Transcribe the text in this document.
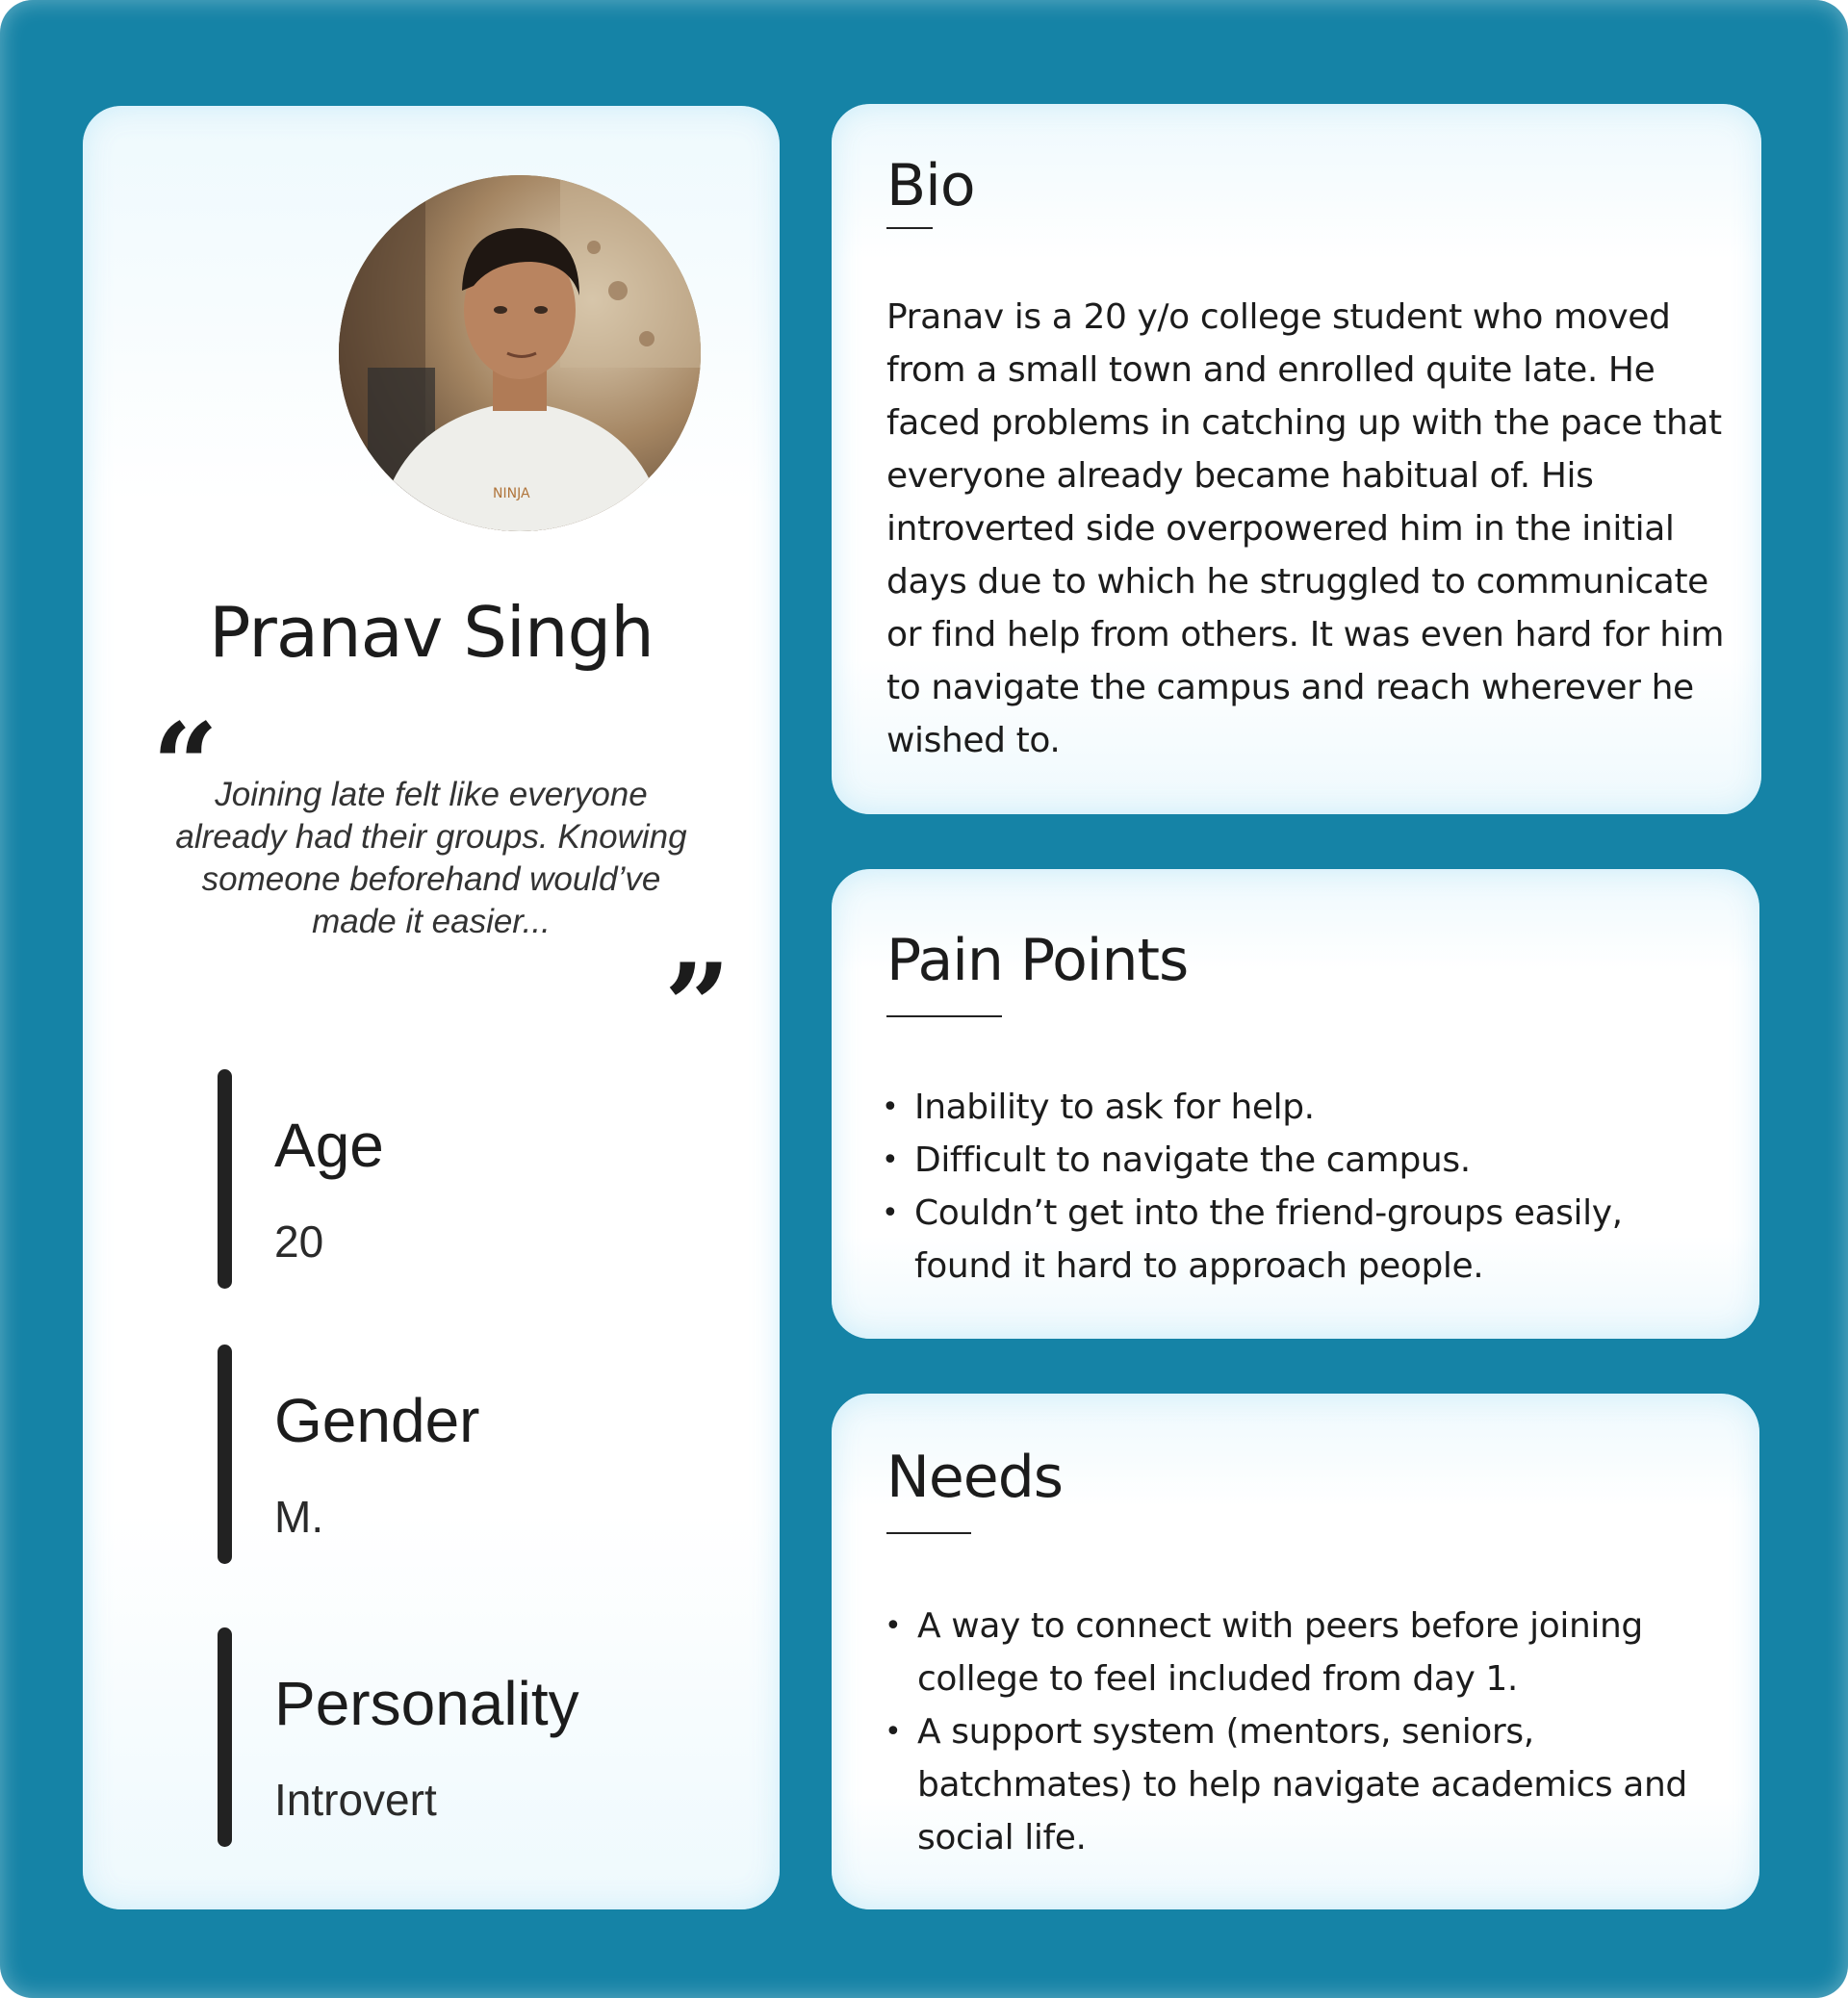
NINJA
Pranav Singh
“
Joining late felt like everyone already had their groups. Knowing someone beforehand would’ve made it easier...
”
Age
20
Gender
M.
Personality
Introvert
Bio
Pranav is a 20 y/o college student who moved from a small town and enrolled quite late. He faced problems in catching up with the pace that everyone already became habitual of. His introverted side overpowered him in the initial days due to which he struggled to communicate or find help from others. It was even hard for him to navigate the campus and reach wherever he wished to.
Pain Points
• Inability to ask for help.
• Difficult to navigate the campus.
• Couldn’t get into the friend-groups easily, found it hard to approach people.
Needs
• A way to connect with peers before joining college to feel included from day 1.
• A support system (mentors, seniors, batchmates) to help navigate academics and social life.
